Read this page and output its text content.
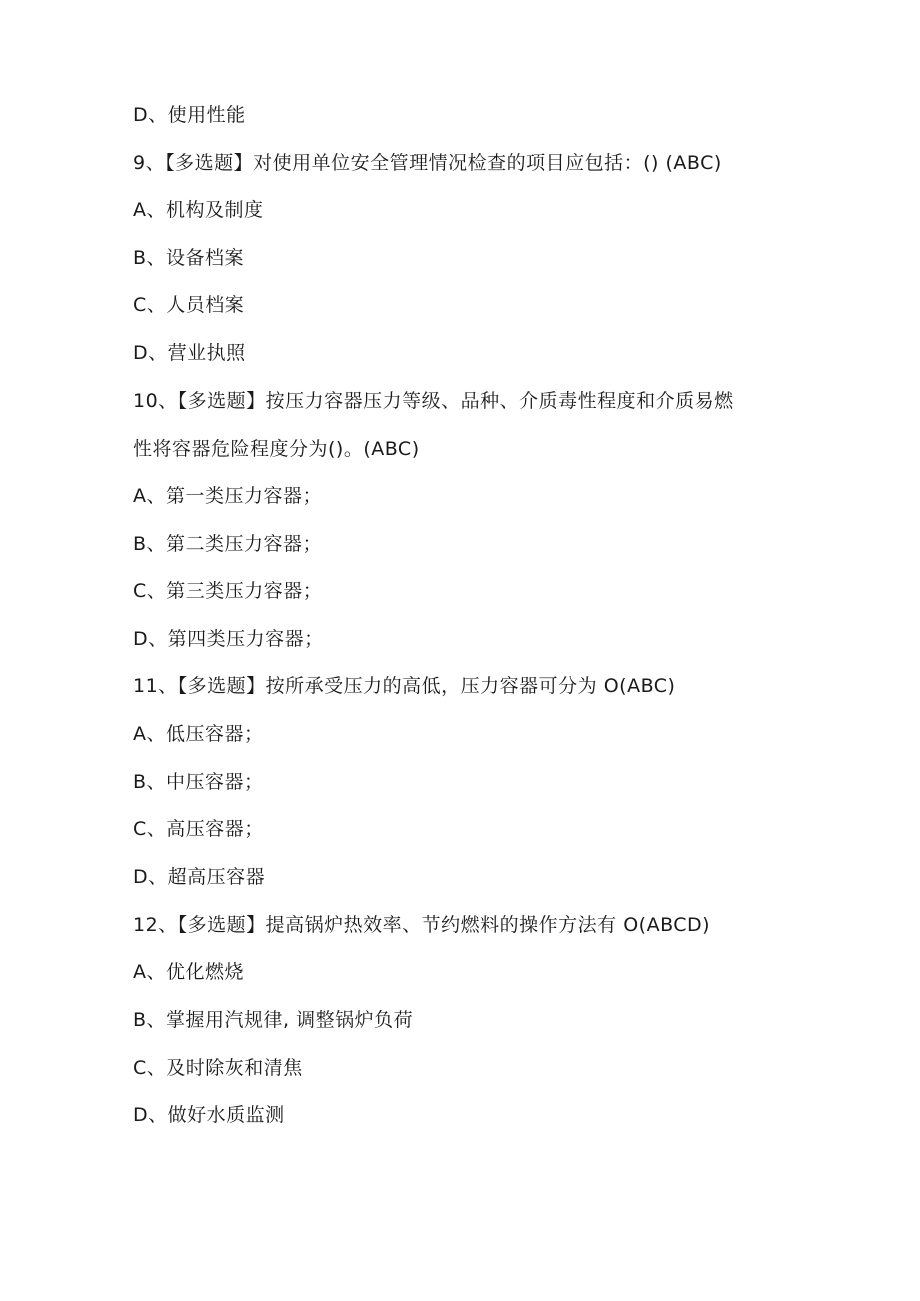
D、使用性能
9、【多选题】对使用单位安全管理情况检查的项目应包括：() (ABC)
A、机构及制度
B、设备档案
C、人员档案
D、营业执照
10、【多选题】按压力容器压力等级、品种、介质毒性程度和介质易燃
性将容器危险程度分为()。(ABC)
A、第一类压力容器；
B、第二类压力容器；
C、第三类压力容器；
D、第四类压力容器；
11、【多选题】按所承受压力的高低，压力容器可分为 O(ABC)
A、低压容器；
B、中压容器；
C、高压容器；
D、超高压容器
12、【多选题】提高锅炉热效率、节约燃料的操作方法有 O(ABCD)
A、优化燃烧
B、掌握用汽规律, 调整锅炉负荷
C、及时除灰和清焦
D、做好水质监测
